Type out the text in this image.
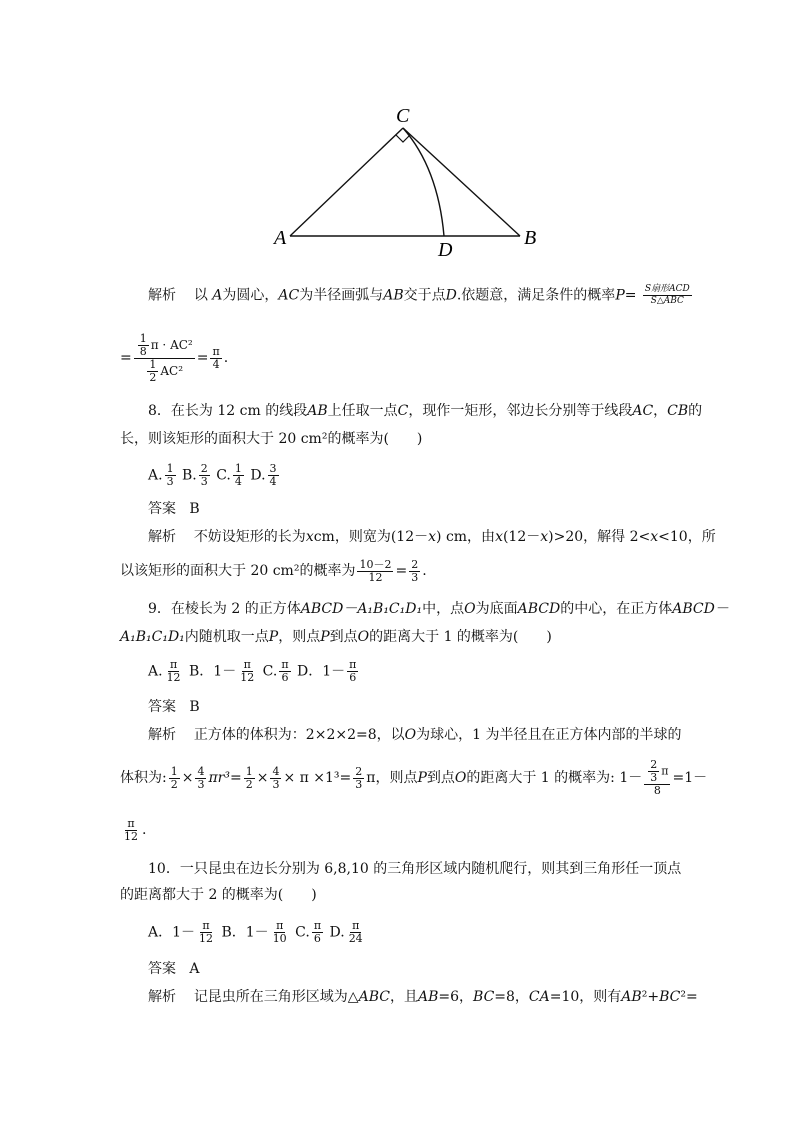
C
A	B
D
解析 以 A为圆心，AC为半径画弧与AB交于点D.依题意，满足条件的概率$P= \frac{\text{S扇形ACD}}{\text{S△ABC}}$
= $\frac{\frac{1}{8} \pi \cdot AC^2}{\frac{1}{2} AC^2} = \frac{\pi}{4}$ .
8．在长为 12 cm 的线段AB上任取一点C，现作一矩形，邻边长分别等于线段AC，CB的
长，则该矩形的面积大于 20 cm²的概率为(　　)
A. $\frac{1}{3}$
B. $\frac{2}{3}$
C. $\frac{1}{4}$
D. $\frac{3}{4}$
答案 B
解析 不妨设矩形的长为xcm，则宽为(12－x) cm，由x(12－x)>20，解得 2<x<10，所
以该矩形的面积大于 20 cm²的概率为 $\frac{10-2}{12} = \frac{2}{3}$ .
9．在棱长为 2 的正方体ABCD－A₁B₁C₁D₁中，点O为底面ABCD的中心，在正方体ABCD－
A₁B₁C₁D₁内随机取一点P，则点P到点O的距离大于 1 的概率为(　　)
A. $\frac{\pi}{12}$
B．$1- \frac{\pi}{12}$
C. $\frac{\pi}{6}$
D．$1- \frac{\pi}{6}$
答案 B
解析 正方体的体积为：2×2×2=8，以O为球心，1 为半径且在正方体内部的半球的
体积为: $\frac{1}{2} \times \frac{4}{3} \pi r^3= \frac{1}{2} \times \frac{4}{3} \times \pi \times 1^3= \frac{2}{3}$ π ，则点 P 到点 O 的距离大于 1 的概率为: $1- \frac{\frac{2}{3} \pi}{8} =1-$
$\frac{\pi}{12}$ .
10．一只昆虫在边长分别为 6,8,10 的三角形区域内随机爬行，则其到三角形任一顶点
的距离都大于 2 的概率为(　　)
A．$1- \frac{\pi}{12}$
B．$1- \frac{\pi}{10}$
C. $\frac{\pi}{6}$
D. $\frac{\pi}{24}$
答案 A
解析 记昆虫所在三角形区域为△ABC，且AB=6，BC=8，CA=10，则有AB²+BC²=
